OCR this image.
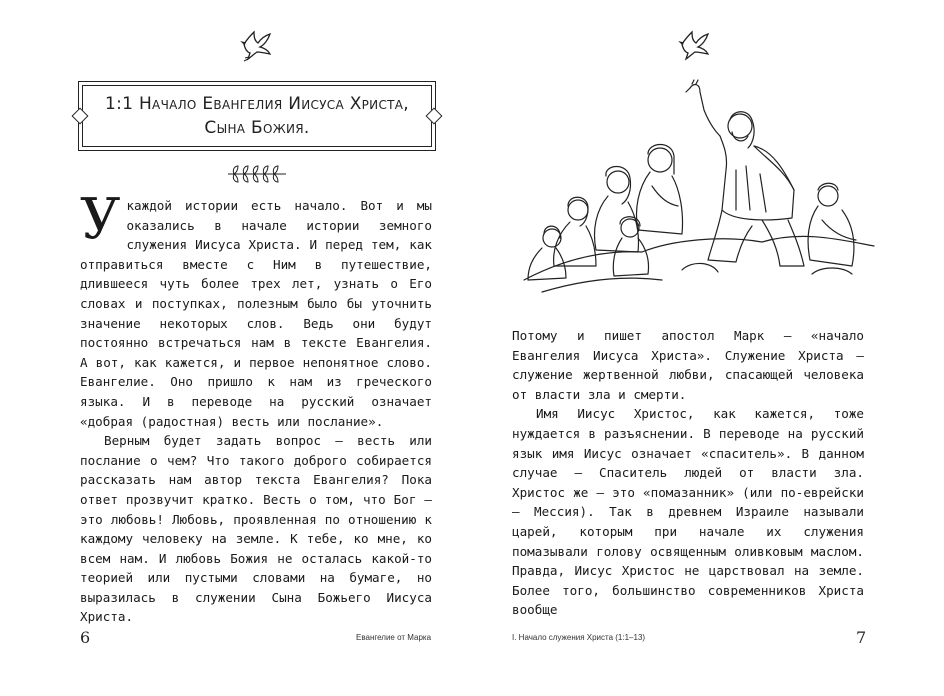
1:1 Начало Евангелия Иисуса Христа, Сына Божия.

Укаждой истории есть начало. Вот и мы оказались в начале истории земного служения Иисуса Христа. И перед тем, как отправиться вместе с Ним в путешествие, длившееся чуть более трех лет, узнать о Его словах и поступках, полезным было бы уточнить значение некоторых слов. Ведь они будут постоянно встречаться нам в тексте Евангелия. А вот, как кажется, и первое непонятное слово. Евангелие. Оно пришло к нам из греческого языка. И в переводе на русский означает «добрая (радостная) весть или послание».

Верным будет задать вопрос — весть или послание о чем? Что такого доброго собирается рассказать нам автор текста Евангелия? Пока ответ прозвучит кратко. Весть о том, что Бог — это любовь! Любовь, проявленная по отношению к каждому человеку на земле. К тебе, ко мне, ко всем нам. И любовь Божия не осталась какой-то теорией или пустыми словами на бумаге, но выразилась в служении Сына Божьего Иисуса Христа.

6	Евангелие от Марка

Потому и пишет апостол Марк — «начало Евангелия Иисуса Христа». Служение Христа — служение жертвенной любви, спасающей человека от власти зла и смерти.

Имя Иисус Христос, как кажется, тоже нуждается в разъяснении. В переводе на русский язык имя Иисус означает «спаситель». В данном случае — Спаситель людей от власти зла. Христос же — это «помазанник» (или по-еврейски — Мессия). Так в древнем Израиле называли царей, которым при начале их служения помазывали голову освященным оливковым маслом. Правда, Иисус Христос не царствовал на земле. Более того, большинство современников Христа вообще

I. Начало служения Христа (1:1–13)	7
